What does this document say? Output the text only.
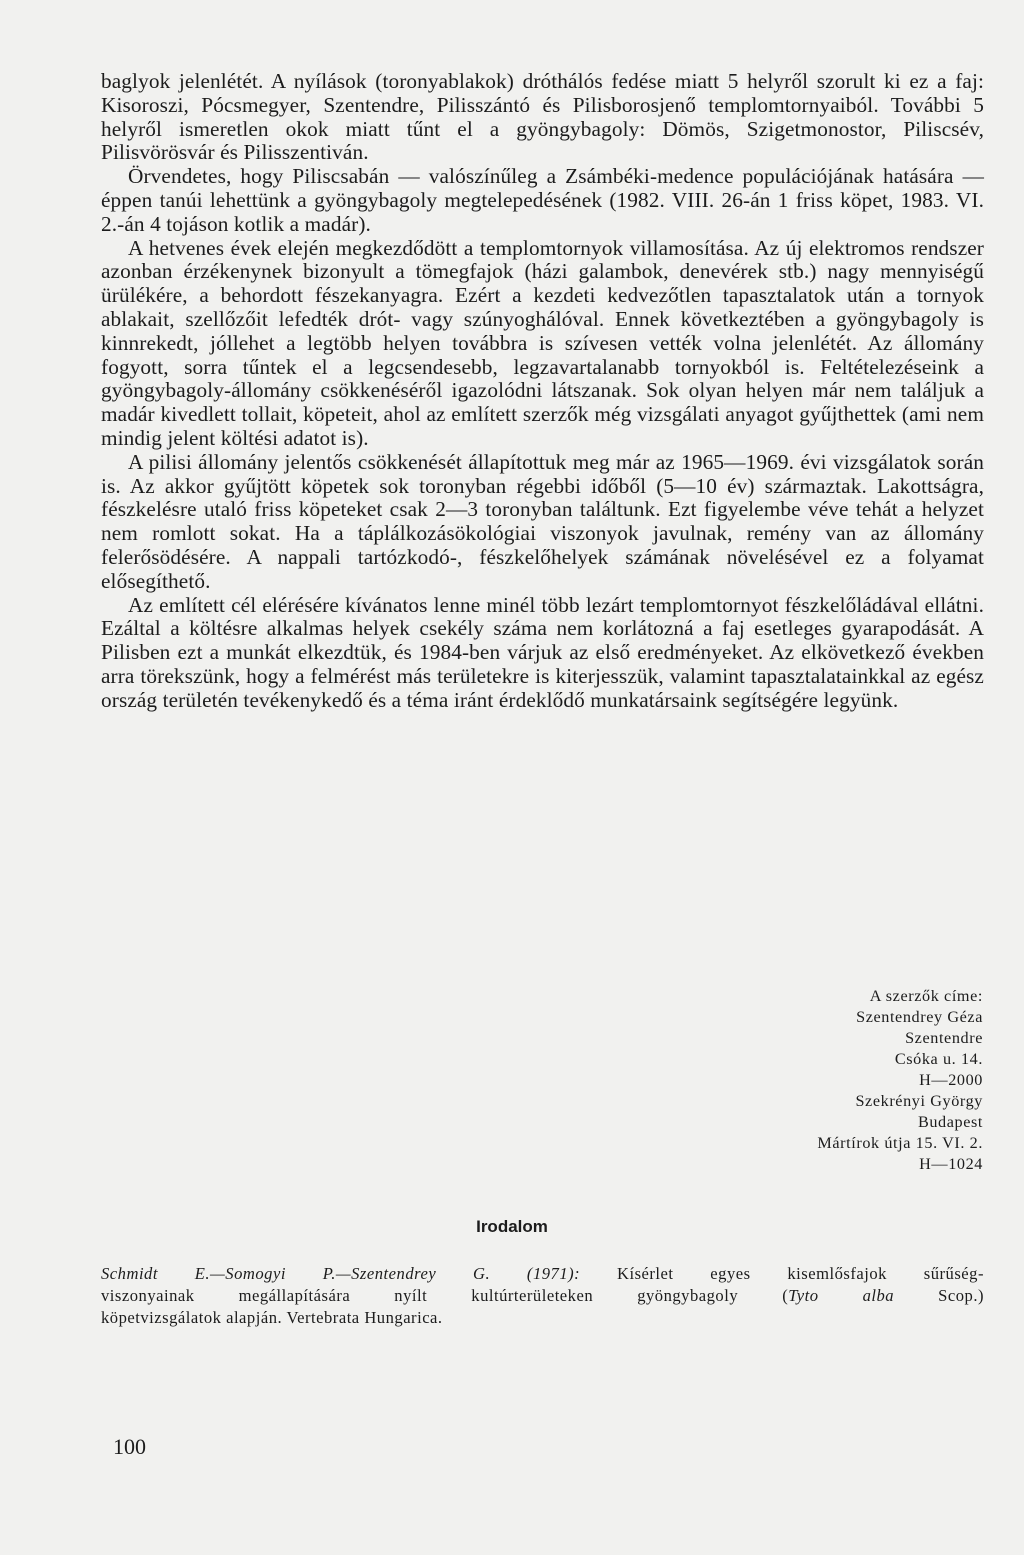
baglyok jelenlétét. A nyílások (toronyablakok) dróthálós fedése miatt 5 helyről szorult ki ez a faj: Kisoroszi, Pócsmegyer, Szentendre, Pilisszántó és Pilisborosjenő templomtornyaiból. További 5 helyről ismeretlen okok miatt tűnt el a gyöngybagoly: Dömös, Szigetmonostor, Piliscsév, Pilisvörösvár és Pilisszentiván.

Örvendetes, hogy Piliscsabán — valószínűleg a Zsámbéki-medence populációjának hatására — éppen tanúi lehettünk a gyöngybagoly megtelepedésének (1982. VIII. 26-án 1 friss köpet, 1983. VI. 2.-án 4 tojáson kotlik a madár).

A hetvenes évek elején megkezdődött a templomtornyok villamosítása. Az új elektromos rendszer azonban érzékenynek bizonyult a tömegfajok (házi galambok, denevérek stb.) nagy mennyiségű ürülékére, a behordott fészekanyagra. Ezért a kezdeti kedvezőtlen tapasztalatok után a tornyok ablakait, szellőzőit lefedték drót- vagy szúnyoghálóval. Ennek következtében a gyöngybagoly is kinnrekedt, jóllehet a legtöbb helyen továbbra is szívesen vették volna jelenlétét. Az állomány fogyott, sorra tűntek el a legcsendesebb, legzavartalanabb tornyokból is. Feltételezéseink a gyöngybagoly-állomány csökkenéséről igazolódni látszanak. Sok olyan helyen már nem találjuk a madár kivedlett tollait, köpeteit, ahol az említett szerzők még vizsgálati anyagot gyűjthettek (ami nem mindig jelent költési adatot is).

A pilisi állomány jelentős csökkenését állapítottuk meg már az 1965—1969. évi vizsgálatok során is. Az akkor gyűjtött köpetek sok toronyban régebbi időből (5—10 év) származtak. Lakottságra, fészkelésre utaló friss köpeteket csak 2—3 toronyban találtunk. Ezt figyelembe véve tehát a helyzet nem romlott sokat. Ha a táplálkozásökológiai viszonyok javulnak, remény van az állomány felerősödésére. A nappali tartózkodó-, fészkelőhelyek számának növelésével ez a folyamat elősegíthető.

Az említett cél elérésére kívánatos lenne minél több lezárt templomtornyot fészkelőládával ellátni. Ezáltal a költésre alkalmas helyek csekély száma nem korlátozná a faj esetleges gyarapodását. A Pilisben ezt a munkát elkezdtük, és 1984-ben várjuk az első eredményeket. Az elkövetkező években arra törekszünk, hogy a felmérést más területekre is kiterjesszük, valamint tapasztalatainkkal az egész ország területén tevékenykedő és a téma iránt érdeklődő munkatársaink segítségére legyünk.

A szerzők címe:
Szentendrey Géza
Szentendre
Csóka u. 14.
H—2000
Szekrényi György
Budapest
Mártírok útja 15. VI. 2.
H—1024
Irodalom
Schmidt E.—Somogyi P.—Szentendrey G. (1971): Kísérlet egyes kisemlősfajok sűrűség-
viszonyainak megállapítására nyílt kultúrterületeken gyöngybagoly (Tyto alba Scop.)
köpetvizsgálatok alapján. Vertebrata Hungarica.
100
